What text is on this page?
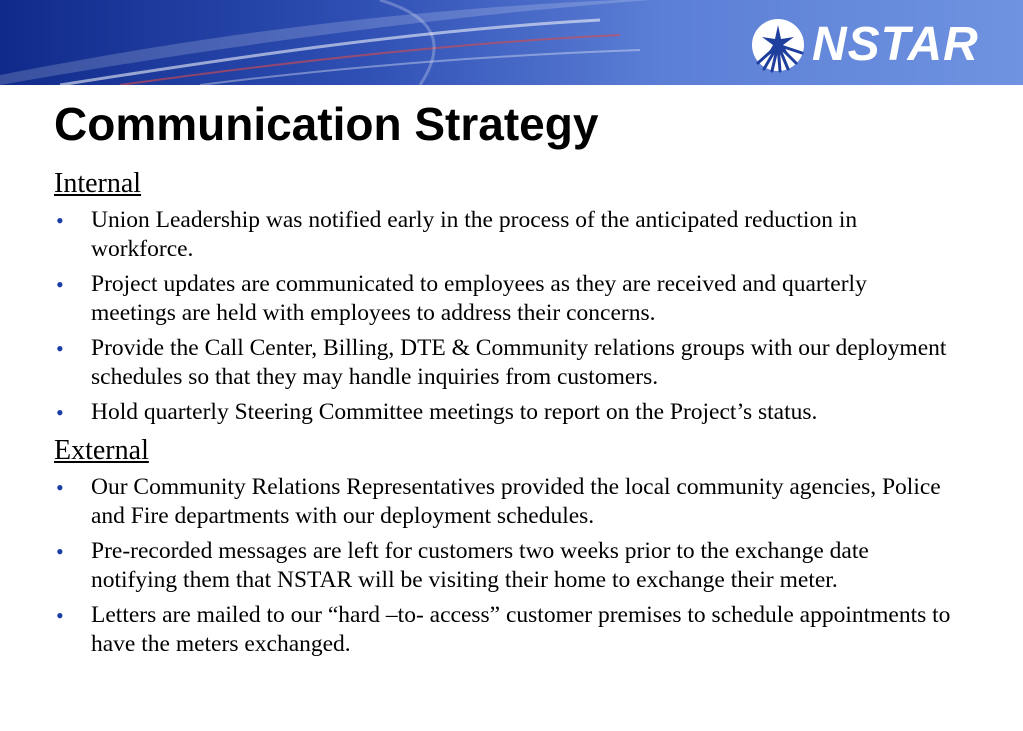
NSTAR
Communication Strategy

Internal

• Union Leadership was notified early in the process of the anticipated reduction in workforce.
• Project updates are communicated to employees as they are received and quarterly meetings are held with employees to address their concerns.
• Provide the Call Center, Billing, DTE & Community relations groups with our deployment schedules so that they may handle inquiries from customers.
• Hold quarterly Steering Committee meetings to report on the Project’s status.

External

• Our Community Relations Representatives provided the local community agencies, Police and Fire departments with our deployment schedules.
• Pre-recorded messages are left for customers two weeks prior to the exchange date notifying them that NSTAR will be visiting their home to exchange their meter.
• Letters are mailed to our “hard –to- access” customer premises to schedule appointments to have the meters exchanged.
